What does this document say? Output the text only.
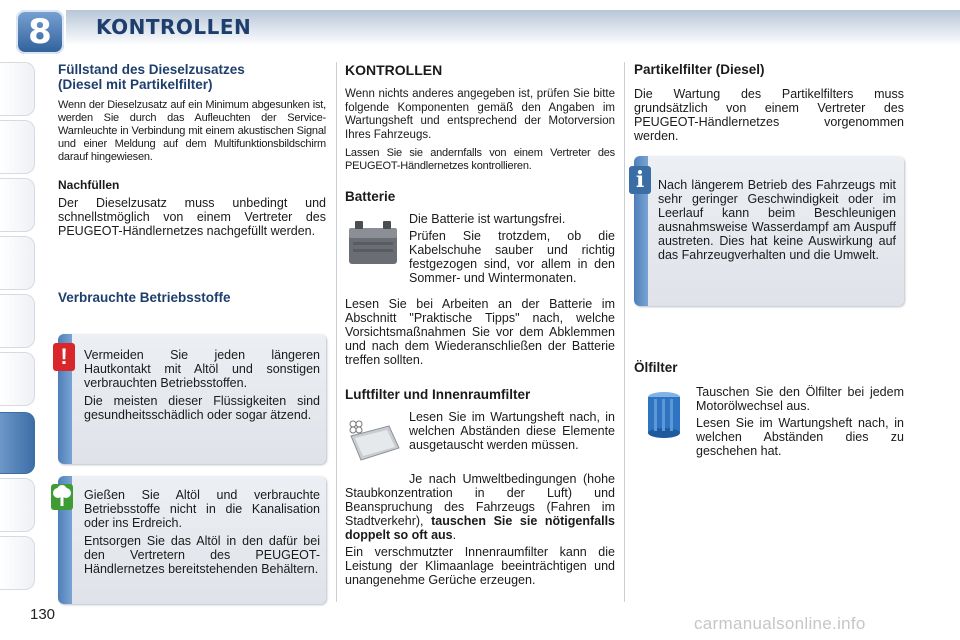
8	KONTROLLEN
Füllstand des Dieselzusatzes
(Diesel mit Partikelfilter)

Wenn der Dieselzusatz auf ein Minimum abgesunken ist, werden Sie durch das Aufleuchten der Service-Warnleuchte in Verbindung mit einem akustischen Signal und einer Meldung auf dem Multifunktionsbildschirm darauf hingewiesen.

Nachfüllen

Der Dieselzusatz muss unbedingt und schnellstmöglich von einem Vertreter des PEUGEOT-Händlernetzes nachgefüllt werden.

Verbrauchte Betriebsstoffe

Vermeiden Sie jeden längeren Hautkontakt mit Altöl und sonstigen verbrauchten Betriebsstoffen.

Die meisten dieser Flüssigkeiten sind gesundheitsschädlich oder sogar ätzend.

!

Gießen Sie Altöl und verbrauchte Betriebsstoffe nicht in die Kanalisation oder ins Erdreich.

Entsorgen Sie das Altöl in den dafür bei den Vertretern des PEUGEOT-Händlernetzes bereitstehenden Behältern.

KONTROLLEN

Wenn nichts anderes angegeben ist, prüfen Sie bitte folgende Komponenten gemäß den Angaben im Wartungsheft und entsprechend der Motorversion Ihres Fahrzeugs.

Lassen Sie sie andernfalls von einem Vertreter des PEUGEOT-Händlernetzes kontrollieren.

Batterie

Die Batterie ist wartungsfrei.

Prüfen Sie trotzdem, ob die Kabelschuhe sauber und richtig festgezogen sind, vor allem in den Sommer- und Wintermonaten.

Lesen Sie bei Arbeiten an der Batterie im Abschnitt "Praktische Tipps" nach, welche Vorsichtsmaßnahmen Sie vor dem Abklemmen und nach dem Wiederanschließen der Batterie treffen sollten.

Luftfilter und Innenraumfilter

Lesen Sie im Wartungsheft nach, in welchen Abständen diese Elemente ausgetauscht werden müssen.

Je nach Umweltbedingungen (hohe Staubkonzentration in der Luft) und Beanspruchung des Fahrzeugs (Fahren im Stadtverkehr), tauschen Sie sie nötigenfalls doppelt so oft aus.

Ein verschmutzter Innenraumfilter kann die Leistung der Klimaanlage beeinträchtigen und unangenehme Gerüche erzeugen.

Partikelfilter (Diesel)

Die Wartung des Partikelfilters muss grundsätzlich von einem Vertreter des PEUGEOT-Händlernetzes vorgenommen werden.

Nach längerem Betrieb des Fahrzeugs mit sehr geringer Geschwindigkeit oder im Leerlauf kann beim Beschleunigen ausnahmsweise Wasserdampf am Auspuff austreten. Dies hat keine Auswirkung auf das Fahrzeugverhalten und die Umwelt.

i
Ölfilter

Tauschen Sie den Ölfilter bei jedem Motorölwechsel aus.

Lesen Sie im Wartungsheft nach, in welchen Abständen dies zu geschehen hat.

130	carmanualsonline.info
